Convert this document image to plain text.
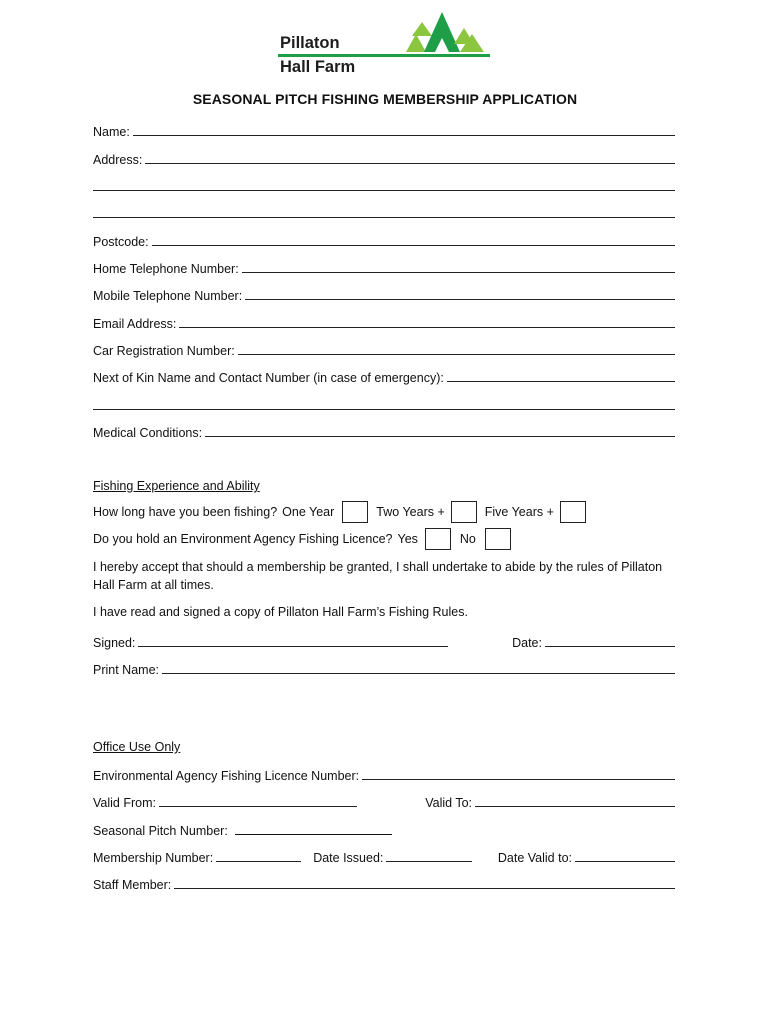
Pillaton
Hall Farm
SEASONAL PITCH FISHING MEMBERSHIP APPLICATION
Name:
Address:
Postcode:
Home Telephone Number:
Mobile Telephone Number:
Email Address:
Car Registration Number:
Next of Kin Name and Contact Number (in case of emergency):
Medical Conditions:
Fishing Experience and Ability
How long have you been fishing? One Year	Two Years +	Five Years +
Do you hold an Environment Agency Fishing Licence? Yes	No
I hereby accept that should a membership be granted, I shall undertake to abide by the rules of Pillaton Hall Farm at all times.
I have read and signed a copy of Pillaton Hall Farm’s Fishing Rules.
Signed:	Date:
Print Name:
Office Use Only
Environmental Agency Fishing Licence Number:
Valid From:	Valid To:
Seasonal Pitch Number:
Membership Number:	Date Issued:	Date Valid to:
Staff Member:
